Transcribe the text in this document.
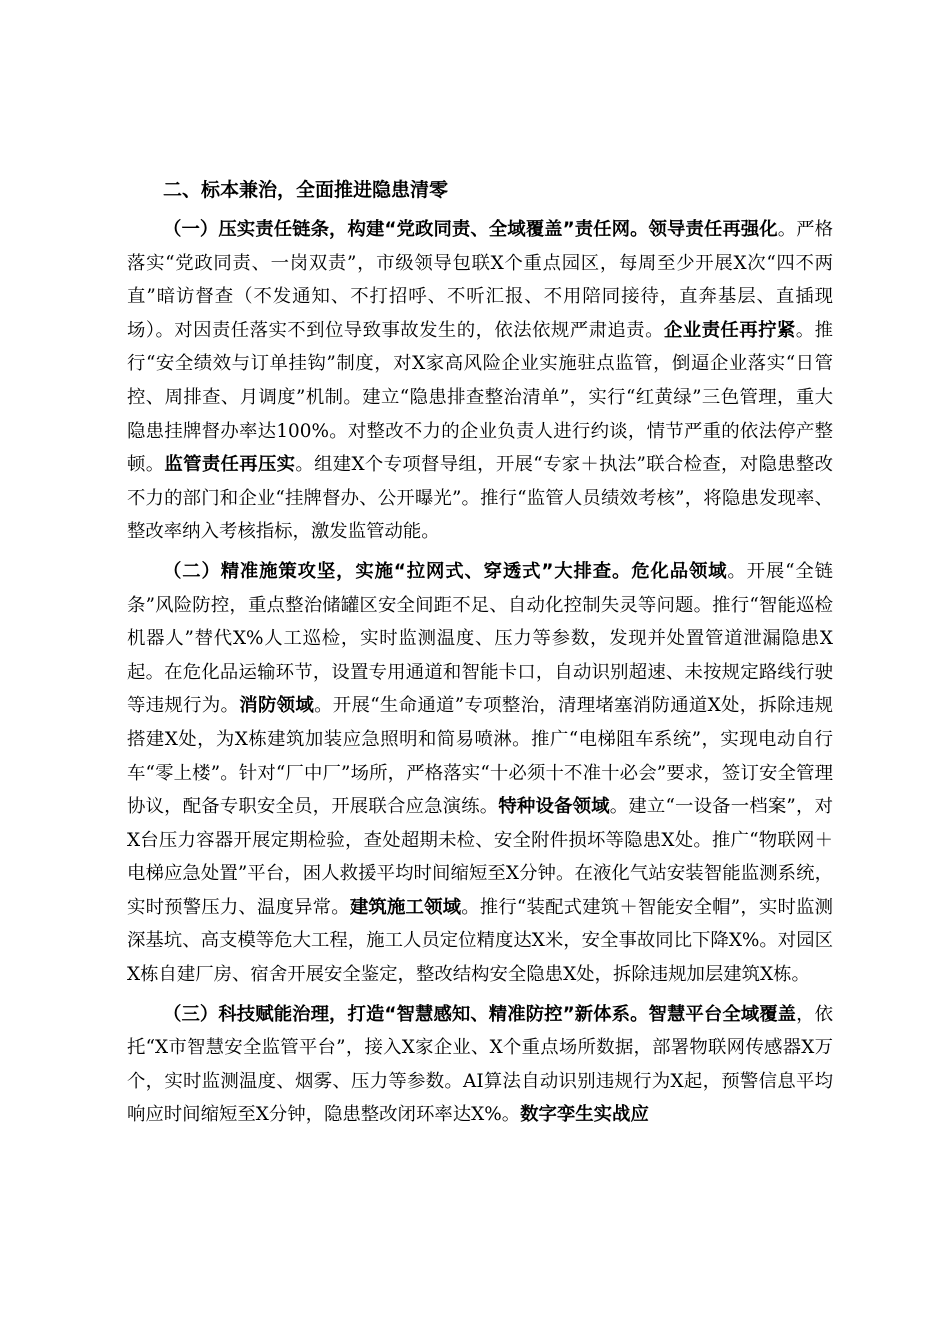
二、标本兼治，全面推进隐患清零

（一）压实责任链条，构建“党政同责、全域覆盖”责任网。领导责任再强化。严格落实“党政同责、一岗双责”，市级领导包联X个重点园区，每周至少开展X次“四不两直”暗访督查（不发通知、不打招呼、不听汇报、不用陪同接待，直奔基层、直插现场）。对因责任落实不到位导致事故发生的，依法依规严肃追责。企业责任再拧紧。推行“安全绩效与订单挂钩”制度，对X家高风险企业实施驻点监管，倒逼企业落实“日管控、周排查、月调度”机制。建立“隐患排查整治清单”，实行“红黄绿”三色管理，重大隐患挂牌督办率达100%。对整改不力的企业负责人进行约谈，情节严重的依法停产整顿。监管责任再压实。组建X个专项督导组，开展“专家＋执法”联合检查，对隐患整改不力的部门和企业“挂牌督办、公开曝光”。推行“监管人员绩效考核”，将隐患发现率、整改率纳入考核指标，激发监管动能。

（二）精准施策攻坚，实施“拉网式、穿透式”大排查。危化品领域。开展“全链条”风险防控，重点整治储罐区安全间距不足、自动化控制失灵等问题。推行“智能巡检机器人”替代X%人工巡检，实时监测温度、压力等参数，发现并处置管道泄漏隐患X起。在危化品运输环节，设置专用通道和智能卡口，自动识别超速、未按规定路线行驶等违规行为。消防领域。开展“生命通道”专项整治，清理堵塞消防通道X处，拆除违规搭建X处，为X栋建筑加装应急照明和简易喷淋。推广“电梯阻车系统”，实现电动自行车“零上楼”。针对“厂中厂”场所，严格落实“十必须十不准十必会”要求，签订安全管理协议，配备专职安全员，开展联合应急演练。特种设备领域。建立“一设备一档案”，对X台压力容器开展定期检验，查处超期未检、安全附件损坏等隐患X处。推广“物联网＋电梯应急处置”平台，困人救援平均时间缩短至X分钟。在液化气站安装智能监测系统，实时预警压力、温度异常。建筑施工领域。推行“装配式建筑＋智能安全帽”，实时监测深基坑、高支模等危大工程，施工人员定位精度达X米，安全事故同比下降X%。对园区X栋自建厂房、宿舍开展安全鉴定，整改结构安全隐患X处，拆除违规加层建筑X栋。

（三）科技赋能治理，打造“智慧感知、精准防控”新体系。智慧平台全域覆盖，依托“X市智慧安全监管平台”，接入X家企业、X个重点场所数据，部署物联网传感器X万个，实时监测温度、烟雾、压力等参数。AI算法自动识别违规行为X起，预警信息平均响应时间缩短至X分钟，隐患整改闭环率达X%。数字孪生实战应
